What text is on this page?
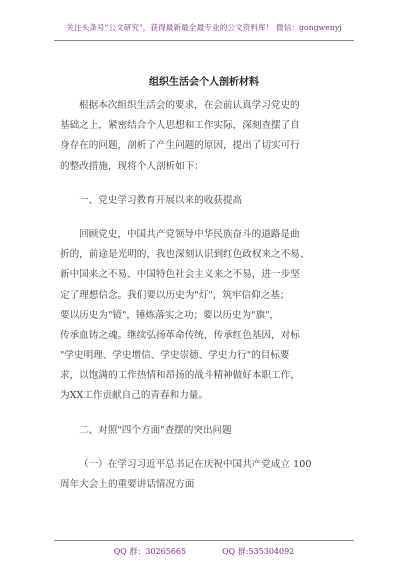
关注头条号"公文研究"，获得最新最全最专业的公文资料库！ 微信：gongwenyj
组织生活会个人剖析材料
根据本次组织生活会的要求，在会前认真学习党史的
基础之上，紧密结合个人思想和工作实际，深刻查摆了自
身存在的问题，剖析了产生问题的原因，提出了切实可行
的整改措施，现将个人剖析如下：
一、党史学习教育开展以来的收获提高
回顾党史，中国共产党领导中华民族奋斗的道路是曲
折的，前途是光明的，我也深刻认识到红色政权来之不易、
新中国来之不易、中国特色社会主义来之不易，进一步坚
定了理想信念。我们要以历史为"灯"，筑牢信仰之基；
要以历史为"镜"，锤炼落实之功；要以历史为"旗"，
传承血铸之魂。继续弘扬革命传统，传承红色基因，对标
"学史明理、学史增信、学史崇德、学史力行"的目标要
求，以饱满的工作热情和昂扬的战斗精神做好本职工作，
为XX工作贡献自己的青春和力量。
二、对照"四个方面"查摆的突出问题
（一）在学习习近平总书记在庆祝中国共产党成立 100
周年大会上的重要讲话情况方面
QQ 群：30265665	QQ 群:535304092
